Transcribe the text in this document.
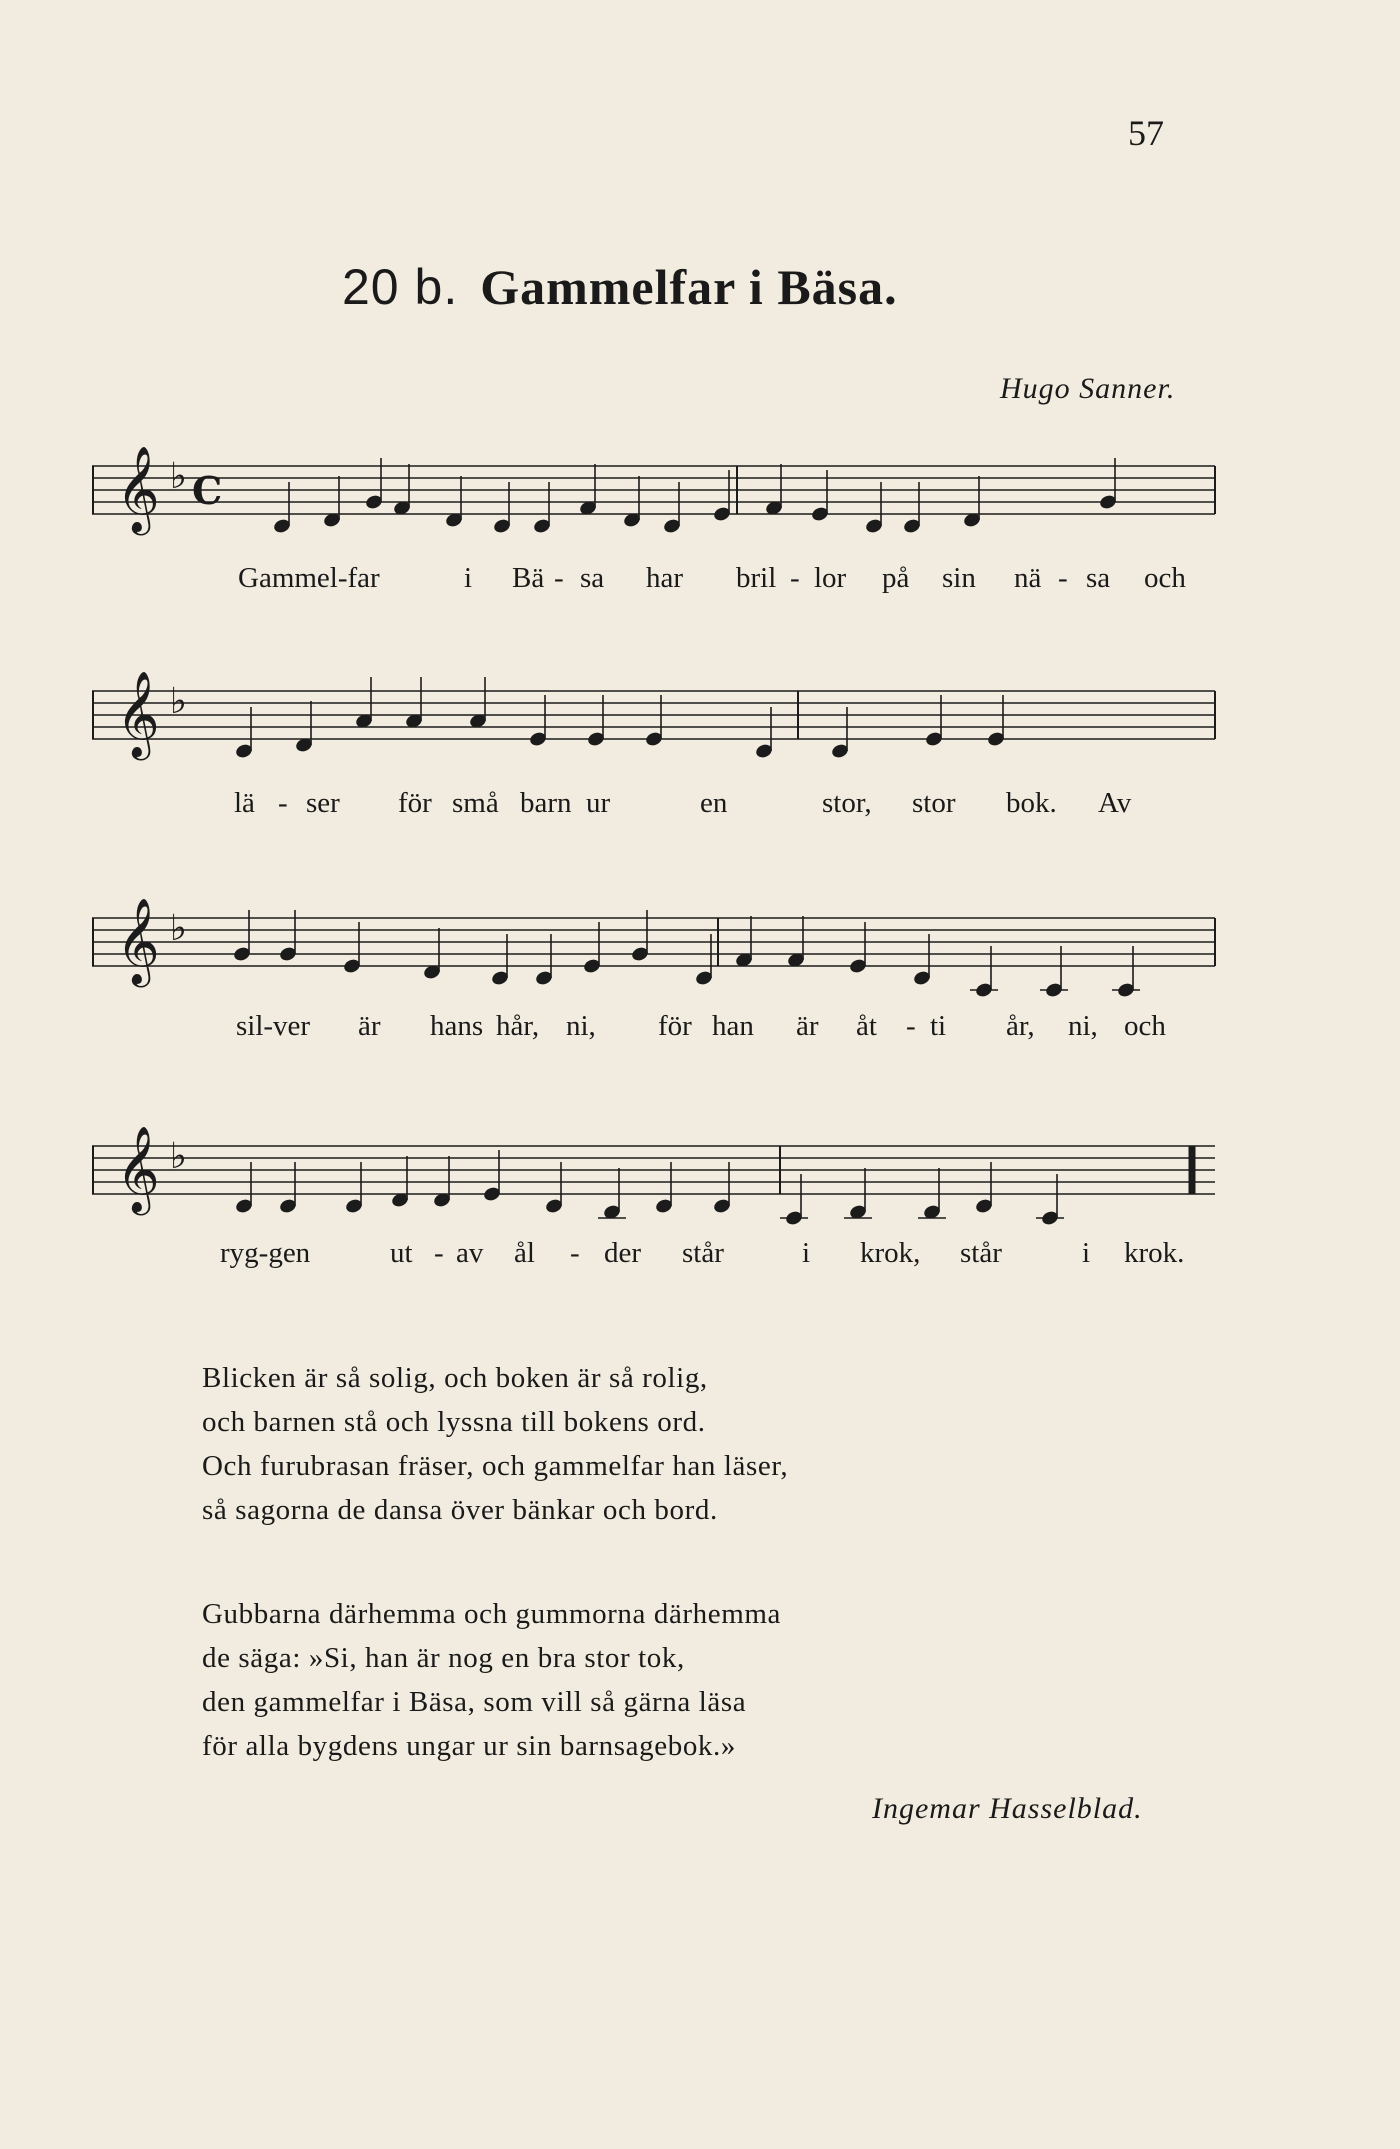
57
20 b. Gammelfar i Bäsa.
Hugo Sanner.
𝄞 ♭ C
Gammel-far	i Bä - sa har bril - lor på sin nä - sa och
𝄞 ♭
lä - ser för små barn ur	en	stor, stor bok. Av
𝄞 ♭
sil-ver är hans hår, ni, för han är åt - ti år, ni, och
𝄞 ♭
ryg-gen	ut - av ål - der står	i krok, står	i krok.
Blicken är så solig, och boken är så rolig,
och barnen stå och lyssna till bokens ord.
Och furubrasan fräser, och gammelfar han läser,
så sagorna de dansa över bänkar och bord.
Gubbarna därhemma och gummorna därhemma
de säga: »Si, han är nog en bra stor tok,
den gammelfar i Bäsa, som vill så gärna läsa
för alla bygdens ungar ur sin barnsagebok.»
Ingemar Hasselblad.
